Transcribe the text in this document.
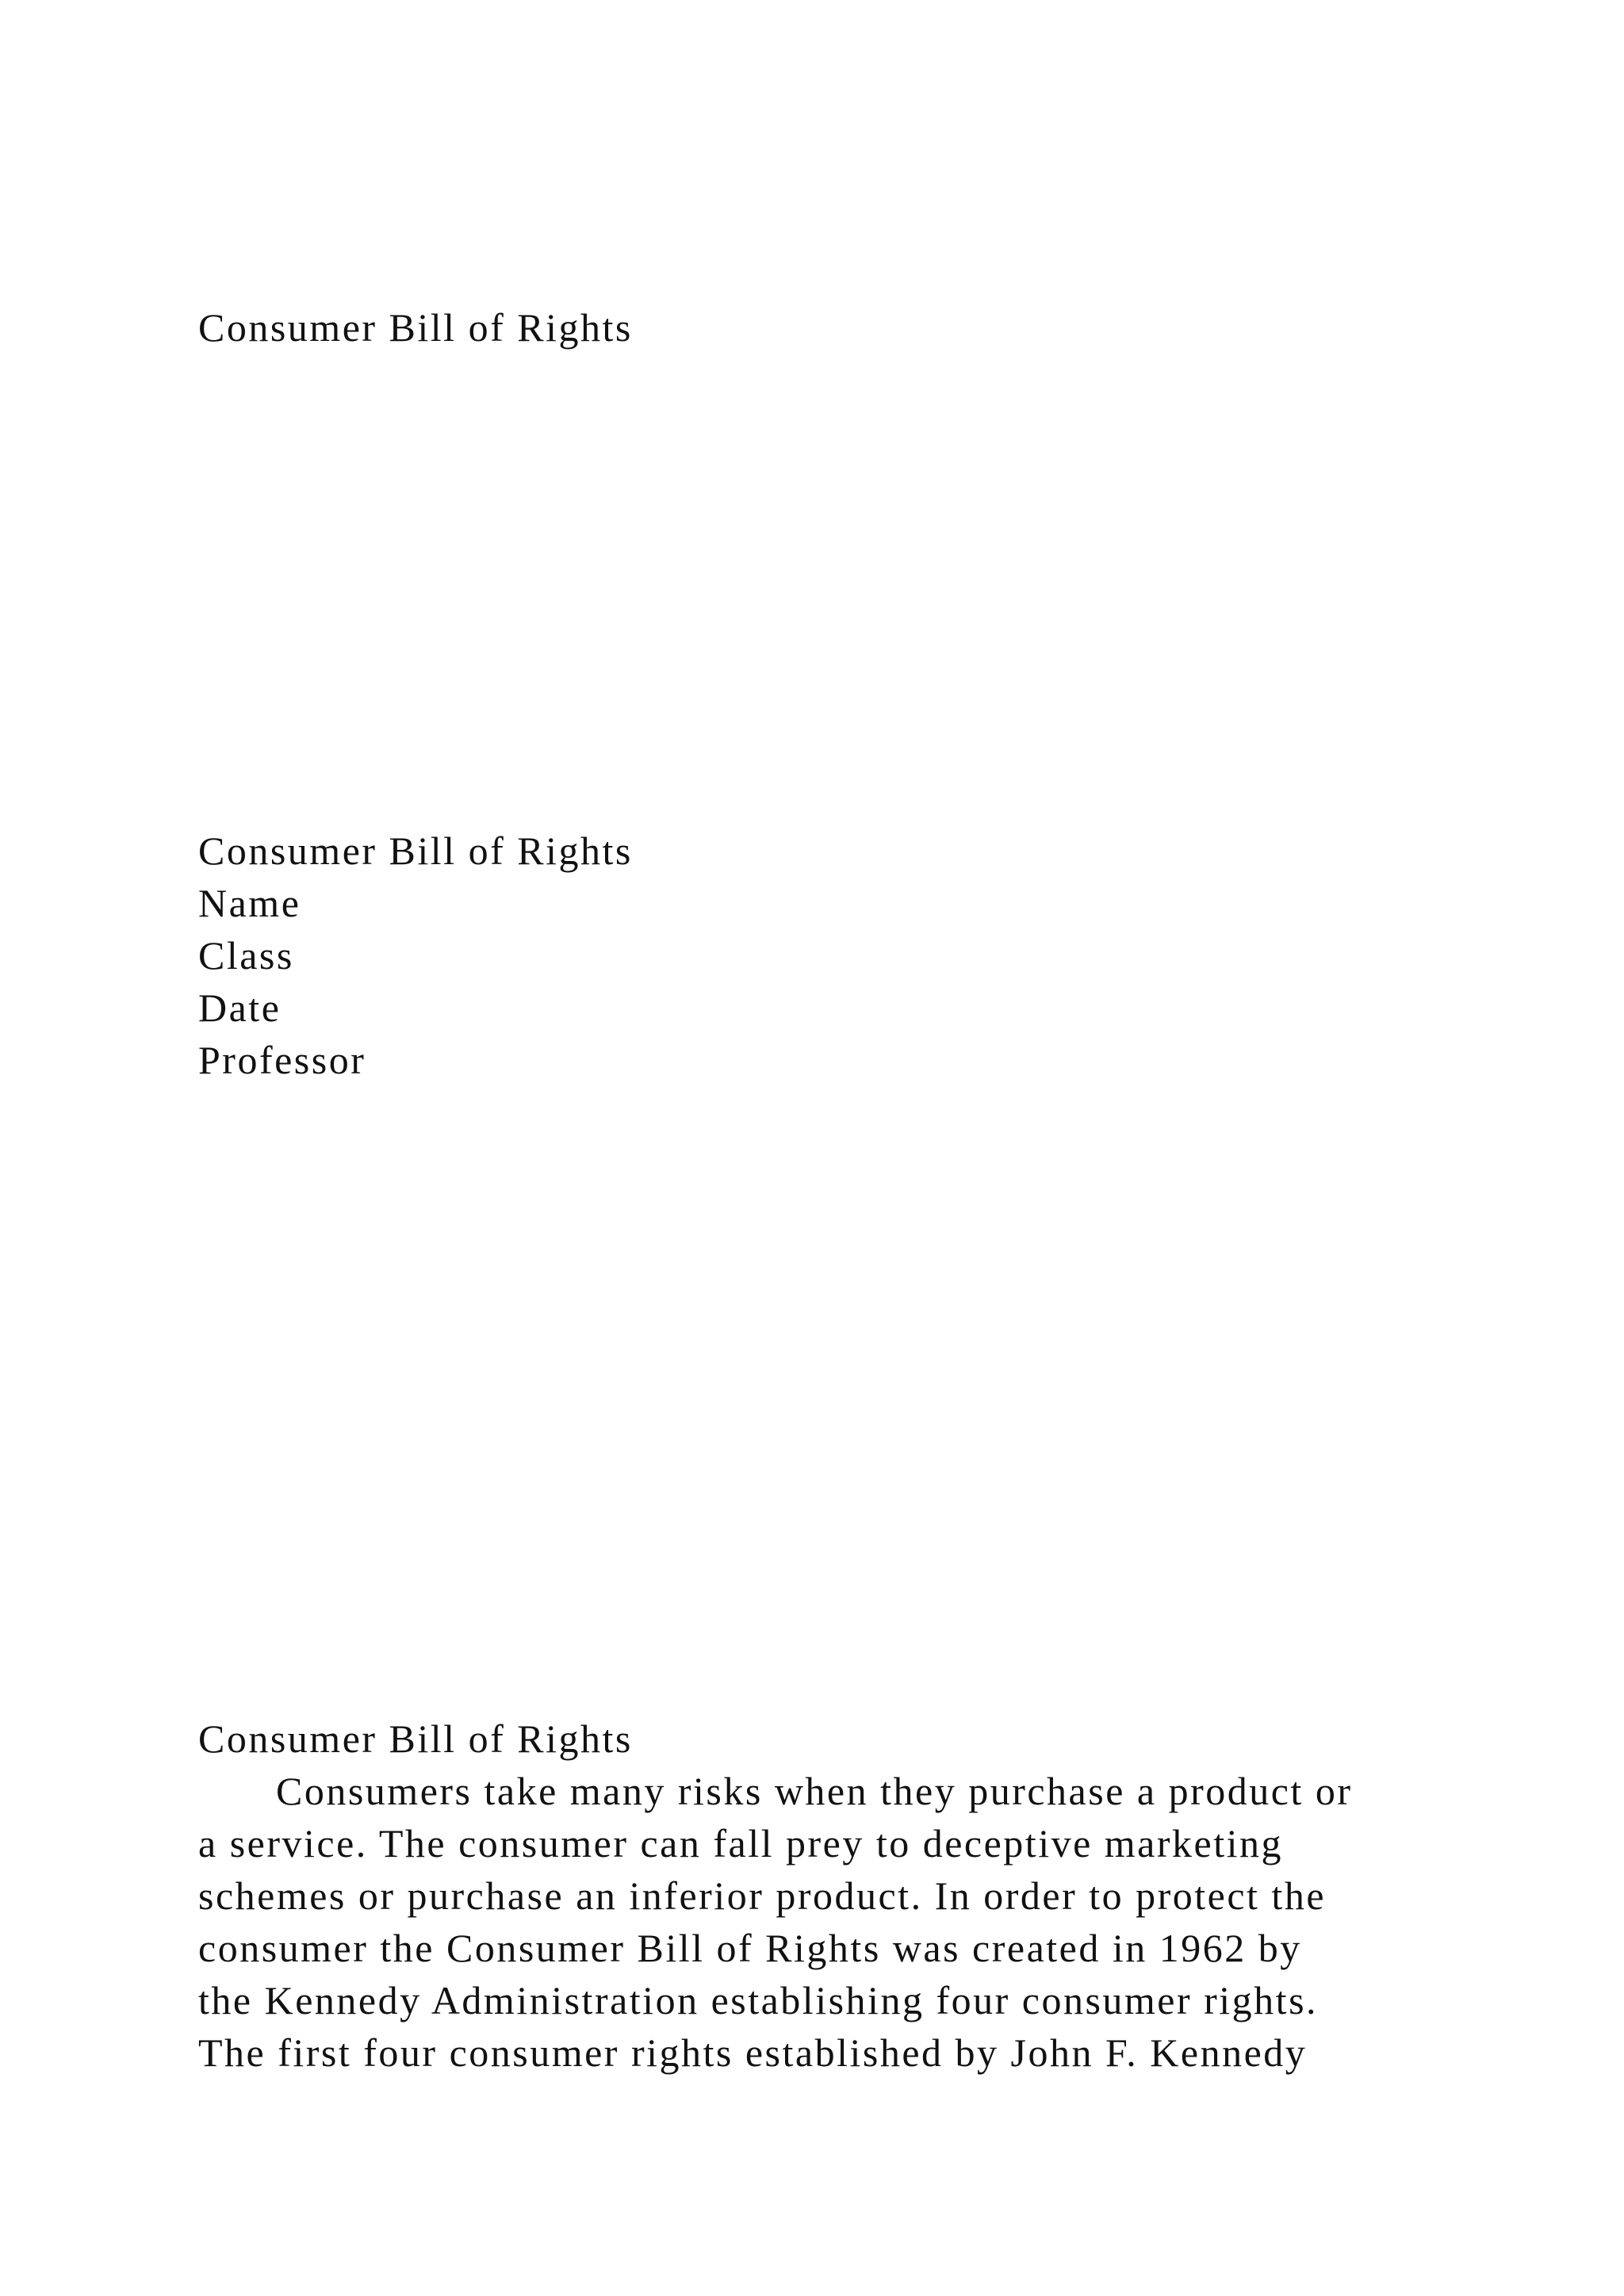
Consumer Bill of Rights
Consumer Bill of Rights
Name
Class
Date
Professor
Consumer Bill of Rights
Consumers take many risks when they purchase a product or
a service. The consumer can fall prey to deceptive marketing
schemes or purchase an inferior product. In order to protect the
consumer the Consumer Bill of Rights was created in 1962 by
the Kennedy Administration establishing four consumer rights.
The first four consumer rights established by John F. Kennedy
